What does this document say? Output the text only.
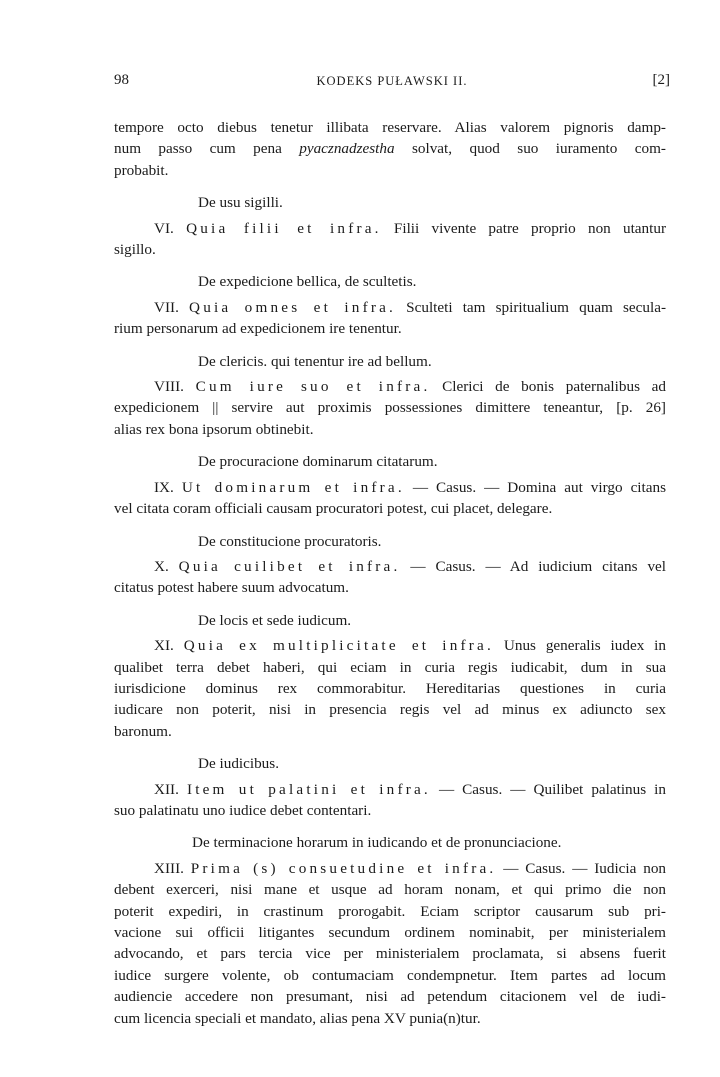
98	KODEKS PUŁAWSKI II.	[2]

tempore octo diebus tenetur illibata reservare. Alias valorem pignoris damp-
num passo cum pena pyacznadzestha solvat, quod suo iuramento com-
probabit.

De usu sigilli.

VI. Quia filii et infra. Filii vivente patre proprio non utantur
sigillo.

De expedicione bellica, de scultetis.

VII. Quia omnes et infra. Sculteti tam spiritualium quam secula-
rium personarum ad expedicionem ire tenentur.

De clericis. qui tenentur ire ad bellum.

VIII. Cum iure suo et infra. Clerici de bonis paternalibus ad
expedicionem || servire aut proximis possessiones dimittere teneantur, [p. 26]
alias rex bona ipsorum obtinebit.

De procuracione dominarum citatarum.

IX. Ut dominarum et infra. — Casus. — Domina aut virgo citans
vel citata coram officiali causam procuratori potest, cui placet, delegare.

De constitucione procuratoris.

X. Quia cuilibet et infra. — Casus. — Ad iudicium citans vel
citatus potest habere suum advocatum.

De locis et sede iudicum.

XI. Quia ex multiplicitate et infra. Unus generalis iudex in
qualibet terra debet haberi, qui eciam in curia regis iudicabit, dum in sua
iurisdicione dominus rex commorabitur. Hereditarias questiones in curia
iudicare non poterit, nisi in presencia regis vel ad minus ex adiuncto sex
baronum.

De iudicibus.

XII. Item ut palatini et infra. — Casus. — Quilibet palatinus in
suo palatinatu uno iudice debet contentari.

De terminacione horarum in iudicando et de pronunciacione.

XIII. Prima (s) consuetudine et infra. — Casus. — Iudicia non
debent exerceri, nisi mane et usque ad horam nonam, et qui primo die non
poterit expediri, in crastinum prorogabit. Eciam scriptor causarum sub pri-
vacione sui officii litigantes secundum ordinem nominabit, per ministerialem
advocando, et pars tercia vice per ministerialem proclamata, si absens fuerit
iudice surgere volente, ob contumaciam condempnetur. Item partes ad locum
audiencie accedere non presumant, nisi ad petendum citacionem vel de iudi-
cum licencia speciali et mandato, alias pena XV punia(n)tur.
